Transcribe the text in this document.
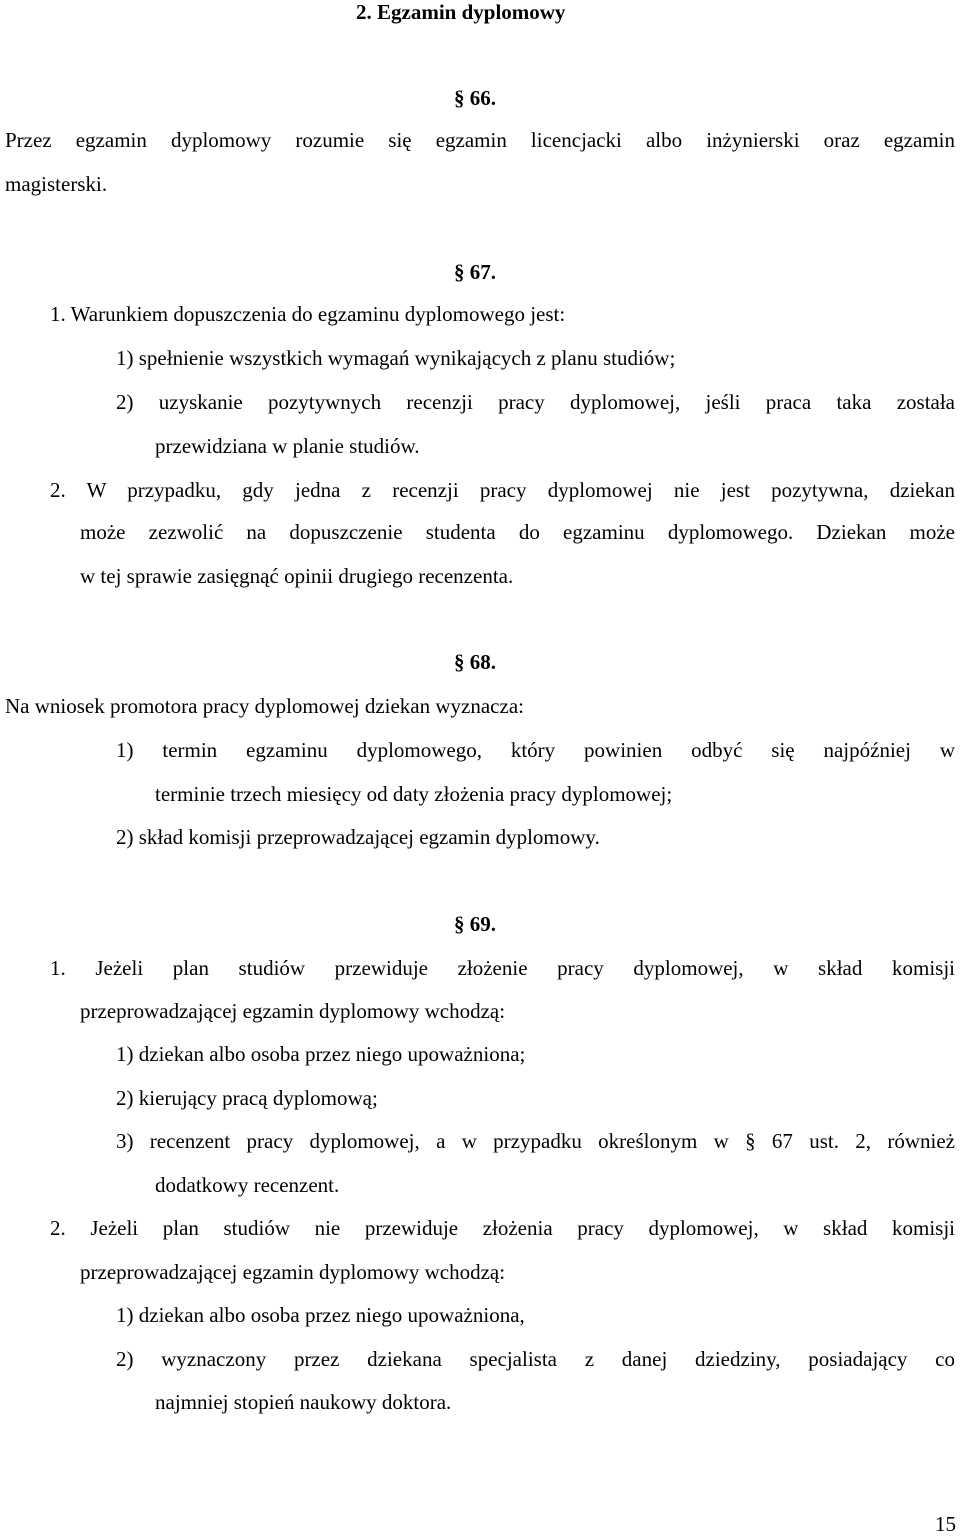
2. Egzamin dyplomowy
§ 66.
Przez egzamin dyplomowy rozumie się egzamin licencjacki albo inżynierski oraz egzamin
magisterski.
§ 67.
1. Warunkiem dopuszczenia do egzaminu dyplomowego jest:
1) spełnienie wszystkich wymagań wynikających z planu studiów;
2) uzyskanie pozytywnych recenzji pracy dyplomowej, jeśli praca taka została
przewidziana w planie studiów.
2. W przypadku, gdy jedna z recenzji pracy dyplomowej nie jest pozytywna, dziekan
może zezwolić na dopuszczenie studenta do egzaminu dyplomowego. Dziekan może
w tej sprawie zasięgnąć opinii drugiego recenzenta.
§ 68.
Na wniosek promotora pracy dyplomowej dziekan wyznacza:
1) termin egzaminu dyplomowego, który powinien odbyć się najpóźniej w
terminie trzech miesięcy od daty złożenia pracy dyplomowej;
2) skład komisji przeprowadzającej egzamin dyplomowy.
§ 69.
1. Jeżeli plan studiów przewiduje złożenie pracy dyplomowej, w skład komisji
przeprowadzającej egzamin dyplomowy wchodzą:
1) dziekan albo osoba przez niego upoważniona;
2) kierujący pracą dyplomową;
3) recenzent pracy dyplomowej, a w przypadku określonym w § 67 ust. 2, również
dodatkowy recenzent.
2. Jeżeli plan studiów nie przewiduje złożenia pracy dyplomowej, w skład komisji
przeprowadzającej egzamin dyplomowy wchodzą:
1) dziekan albo osoba przez niego upoważniona,
2) wyznaczony przez dziekana specjalista z danej dziedziny, posiadający co
najmniej stopień naukowy doktora.
15
